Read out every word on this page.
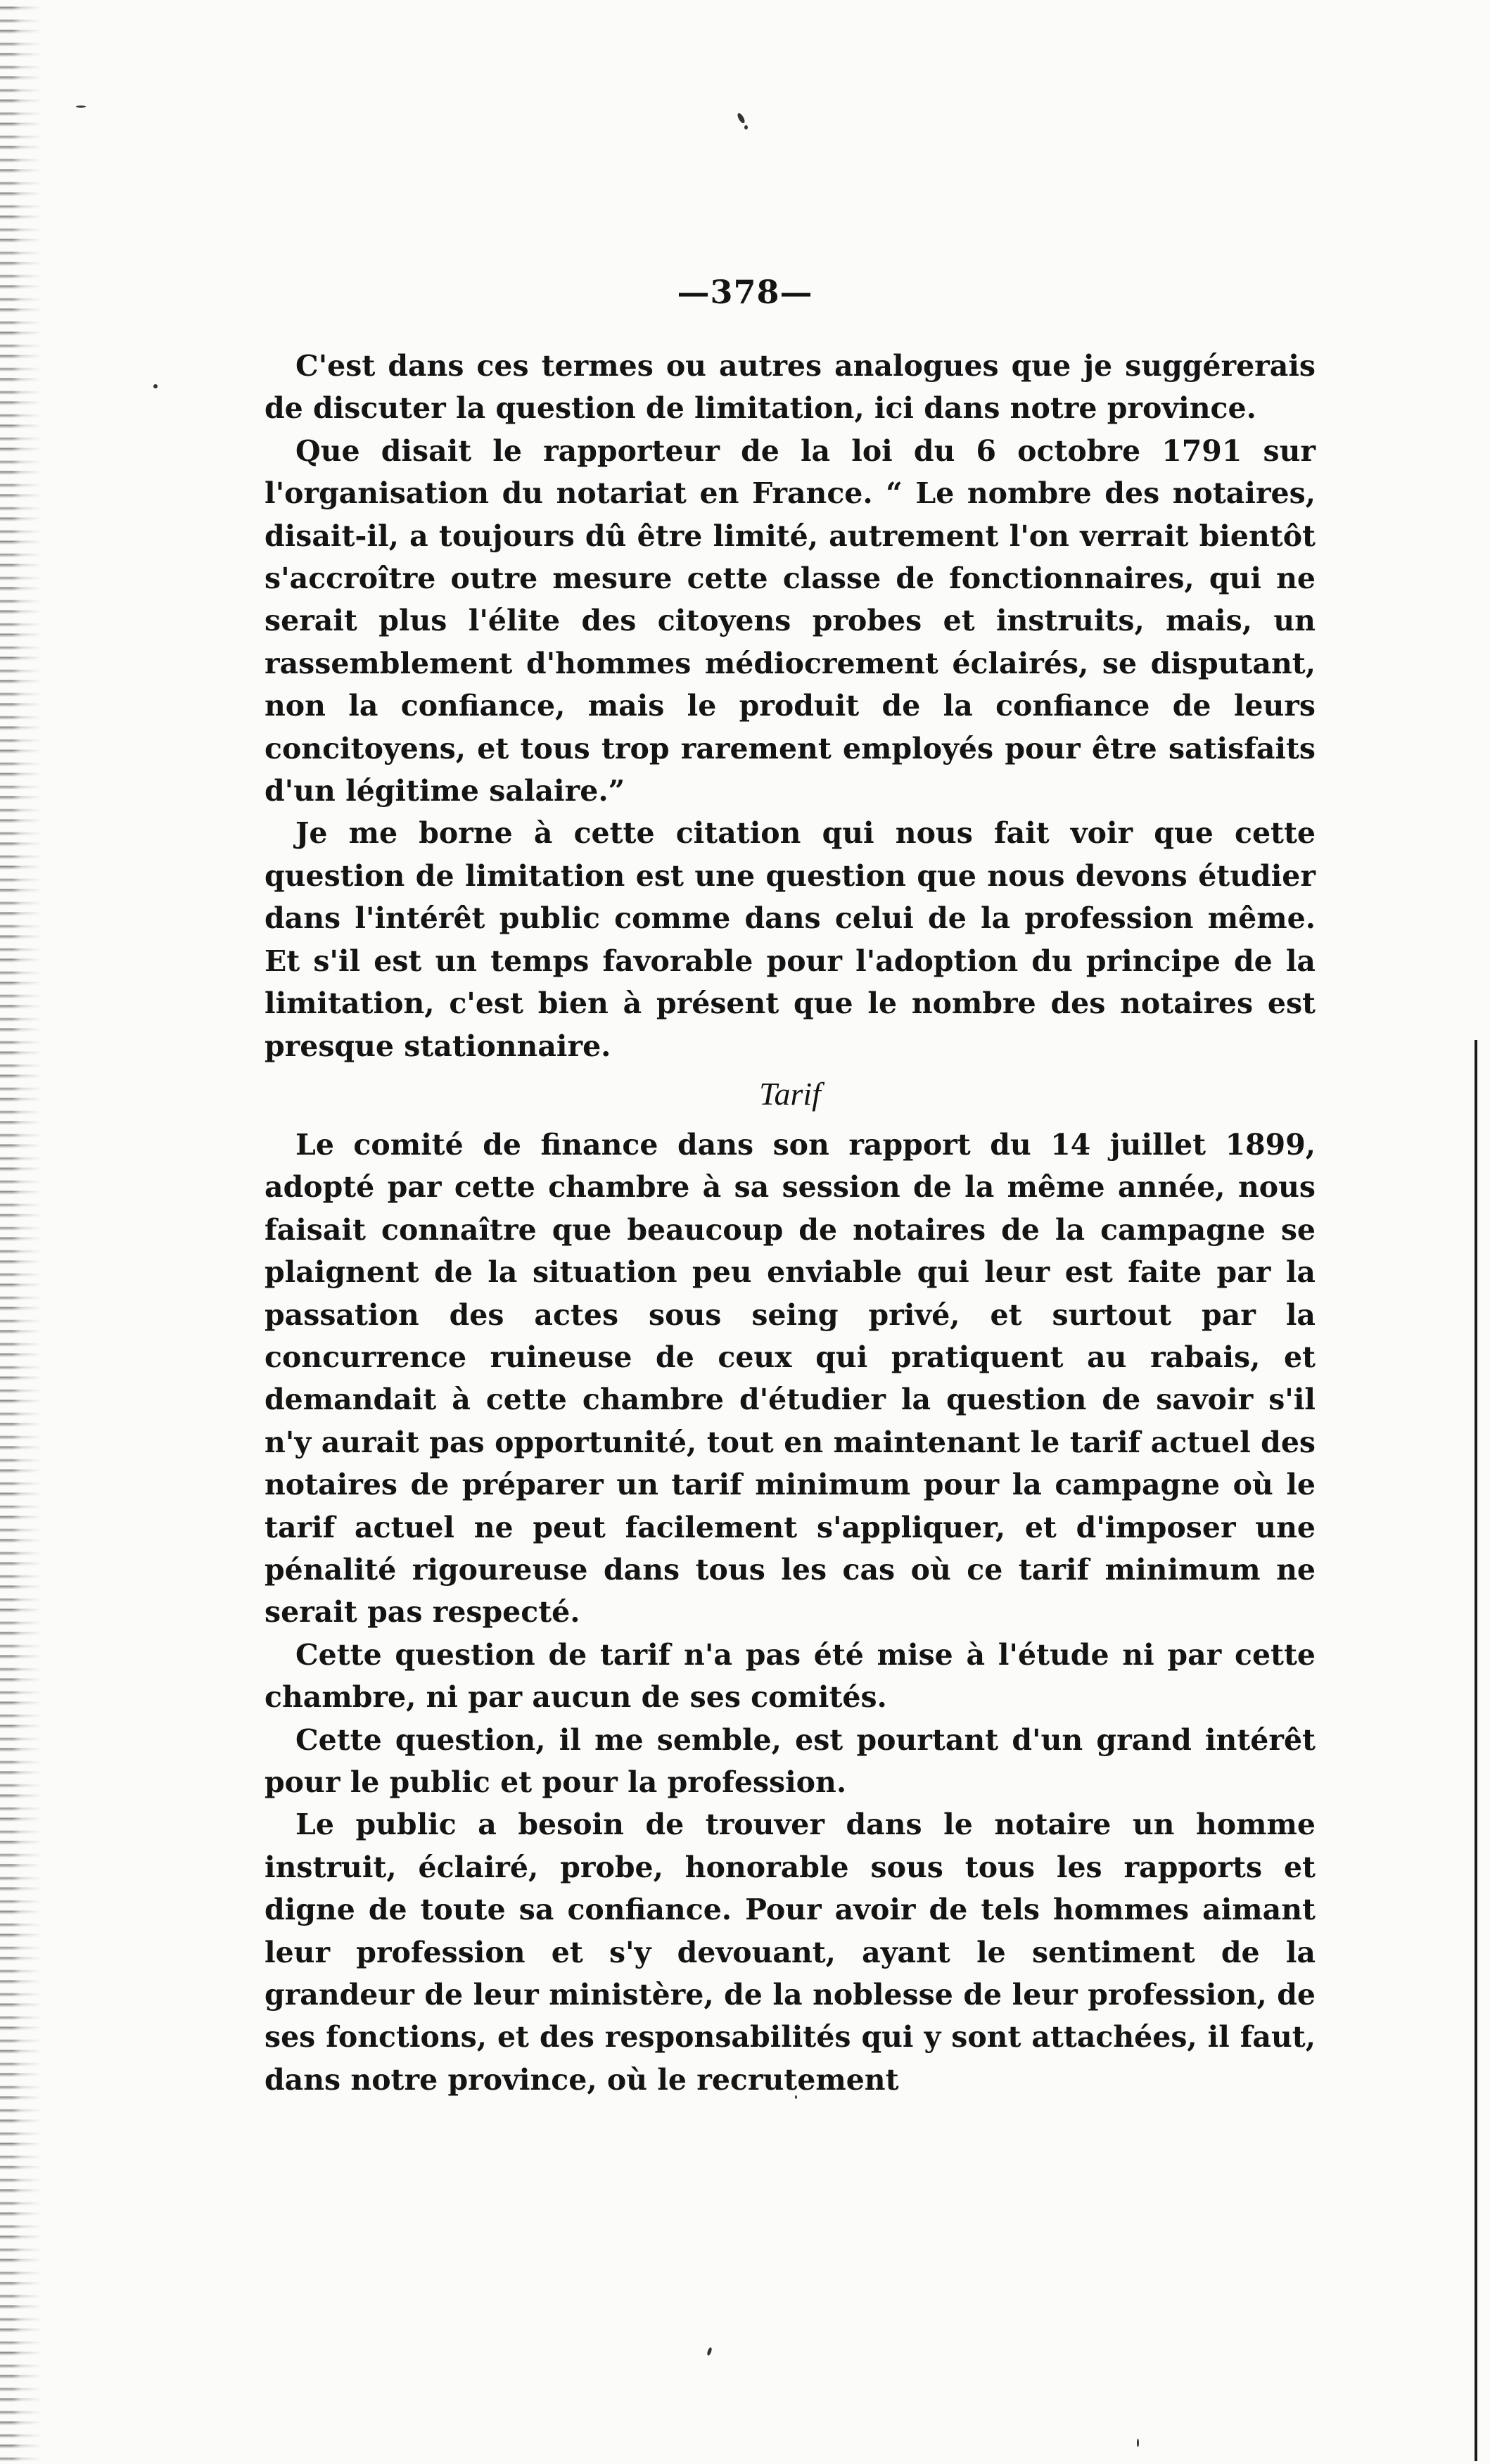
—378—

C'est dans ces termes ou autres analogues que je suggérerais de discuter la question de limitation, ici dans notre province.

Que disait le rapporteur de la loi du 6 octobre 1791 sur l'organisation du notariat en France. “ Le nombre des notaires, disait-il, a toujours dû être limité, autrement l'on verrait bientôt s'accroître outre mesure cette classe de fonctionnaires, qui ne serait plus l'élite des citoyens probes et instruits, mais, un rassemblement d'hommes médiocrement éclairés, se disputant, non la confiance, mais le produit de la confiance de leurs concitoyens, et tous trop rarement employés pour être satisfaits d'un légitime salaire.”

Je me borne à cette citation qui nous fait voir que cette question de limitation est une question que nous devons étudier dans l'intérêt public comme dans celui de la profession même. Et s'il est un temps favorable pour l'adoption du principe de la limitation, c'est bien à présent que le nombre des notaires est presque stationnaire.

Tarif

Le comité de finance dans son rapport du 14 juillet 1899, adopté par cette chambre à sa session de la même année, nous faisait connaître que beaucoup de notaires de la campagne se plaignent de la situation peu enviable qui leur est faite par la passation des actes sous seing privé, et surtout par la concurrence ruineuse de ceux qui pratiquent au rabais, et demandait à cette chambre d'étudier la question de savoir s'il n'y aurait pas opportunité, tout en maintenant le tarif actuel des notaires de préparer un tarif minimum pour la campagne où le tarif actuel ne peut facilement s'appliquer, et d'imposer une pénalité rigoureuse dans tous les cas où ce tarif minimum ne serait pas respecté.

Cette question de tarif n'a pas été mise à l'étude ni par cette chambre, ni par aucun de ses comités.

Cette question, il me semble, est pourtant d'un grand intérêt pour le public et pour la profession.

Le public a besoin de trouver dans le notaire un homme instruit, éclairé, probe, honorable sous tous les rapports et digne de toute sa confiance. Pour avoir de tels hommes aimant leur profession et s'y devouant, ayant le sentiment de la grandeur de leur ministère, de la noblesse de leur profession, de ses fonctions, et des responsabilités qui y sont attachées, il faut, dans notre province, où le recrutement
